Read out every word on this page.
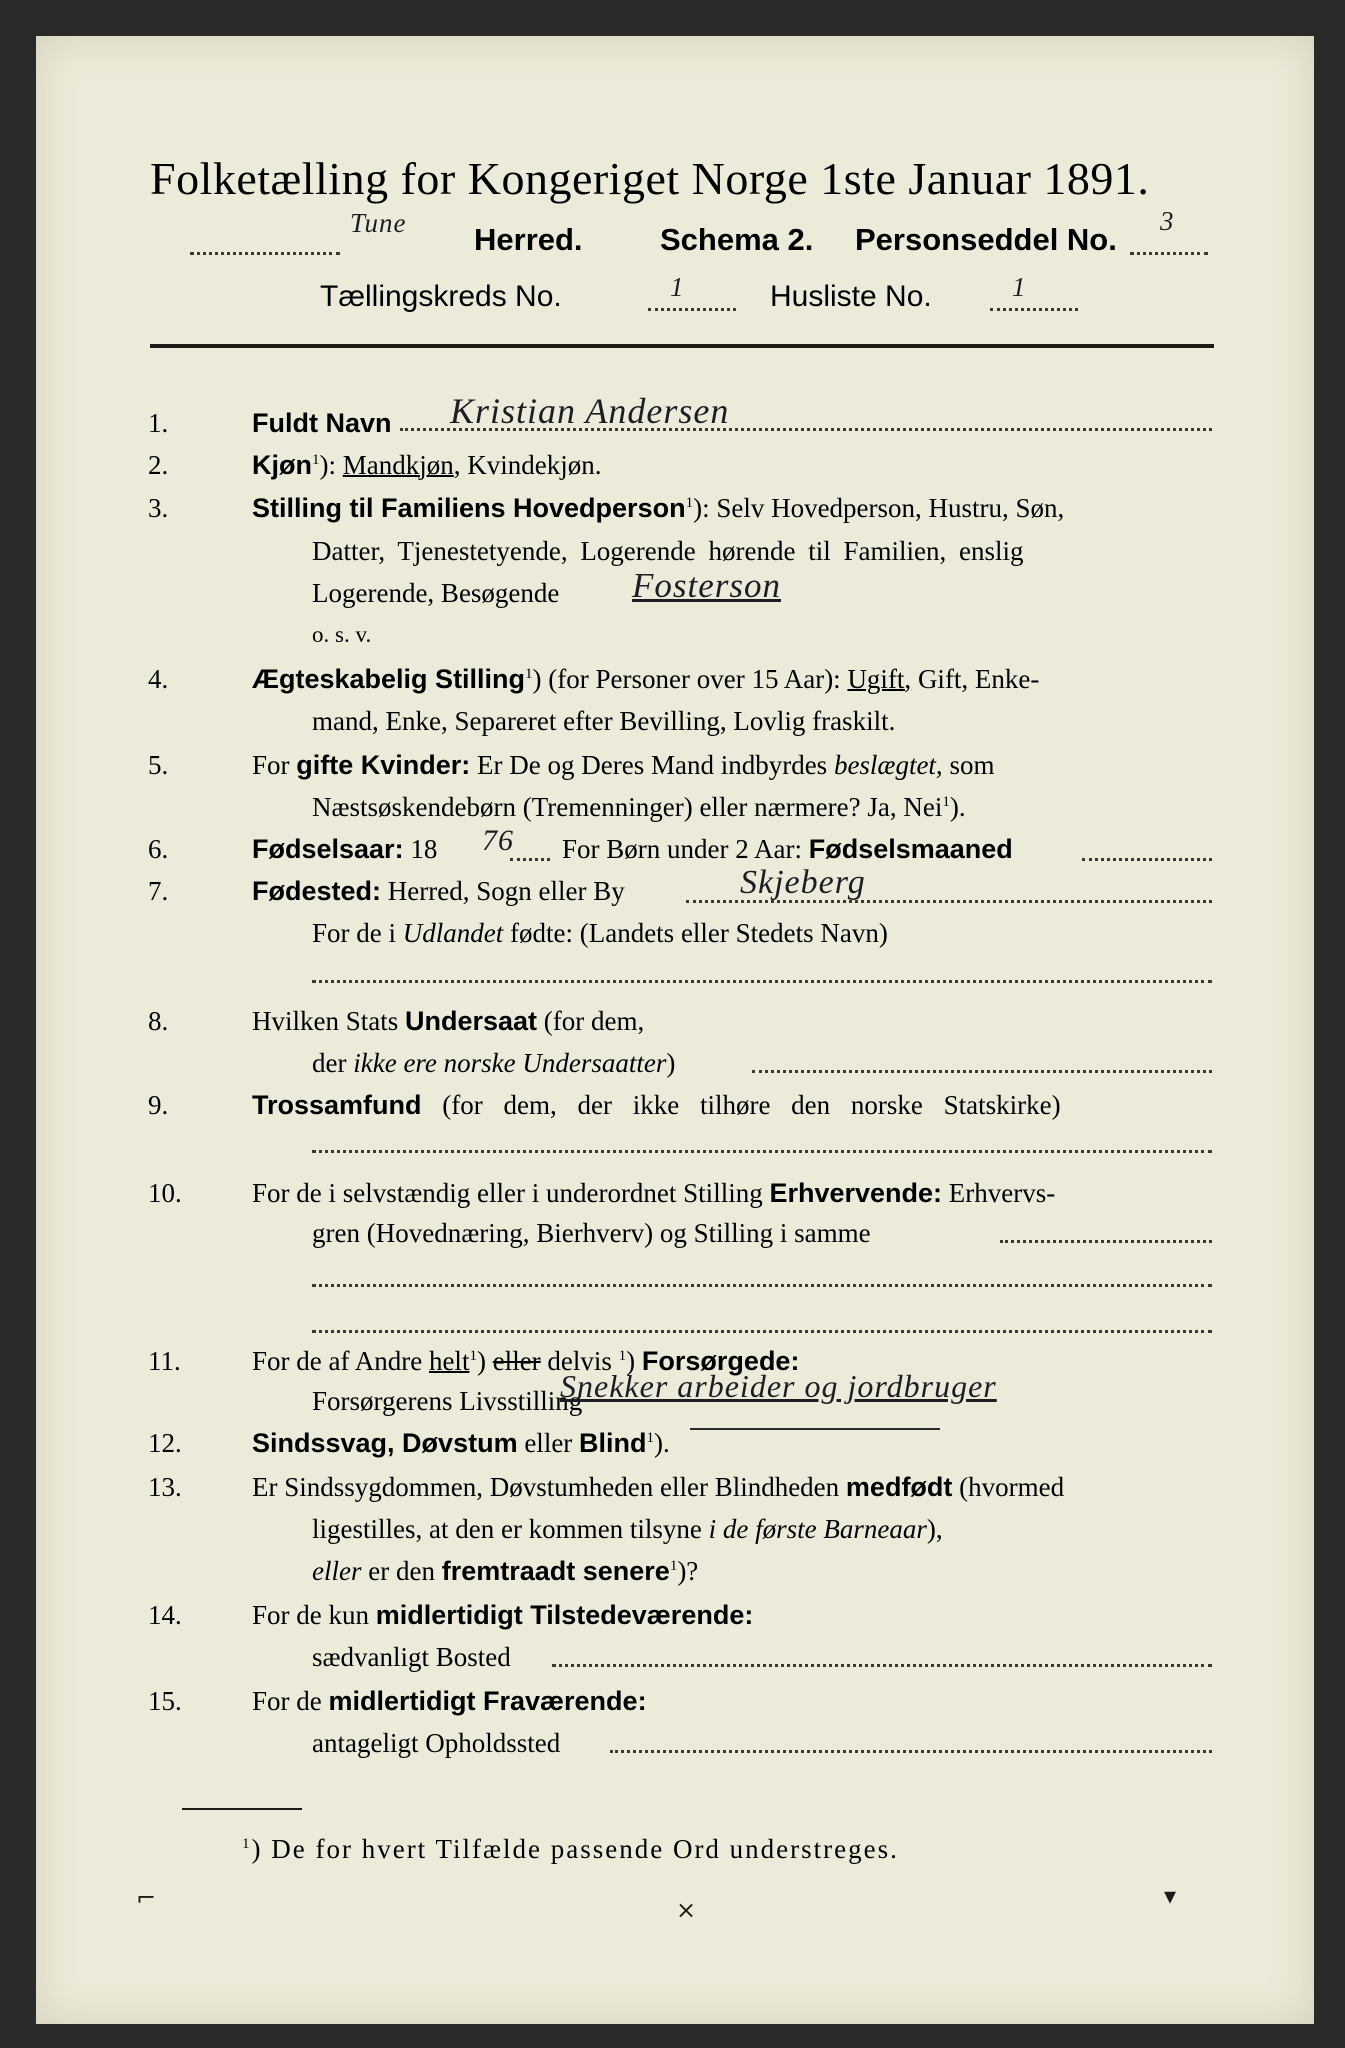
Folketælling for Kongeriget Norge 1ste Januar 1891.
Tune Herred. Schema 2. Personseddel No.
3
Tællingskreds No.	1	Husliste No.	1
1.	Fuldt Navn Kristian Andersen
2.	Kjøn$^1$): Mandkjøn, Kvindekjøn.
3.	Stilling til Familiens Hovedperson$^1$): Selv Hovedperson, Hustru, Søn,
Datter, Tjenestetyende, Logerende hørende til Familien, enslig
Logerende, Besøgende Fosterson
o. s. v.
4.	Ægteskabelig Stilling$^1$) (for Personer over 15 Aar): Ugift, Gift, Enke-
mand, Enke, Separeret efter Bevilling, Lovlig fraskilt.
5.	For gifte Kvinder: Er De og Deres Mand indbyrdes beslægtet, som
Næstsøskendebørn (Tremenninger) eller nærmere? Ja, Nei$^1$).
6.	Fødselsaar: 18 76 For Børn under 2 Aar: Fødselsmaaned
7.	Fødested: Herred, Sogn eller By	Skjeberg
For de i Udlandet fødte: (Landets eller Stedets Navn)
8.	Hvilken Stats Undersaat (for dem,
der ikke ere norske Undersaatter)
9.	Trossamfund (for dem, der ikke tilhøre den norske Statskirke)
10.	For de i selvstændig eller i underordnet Stilling Erhvervende: Erhvervs-
gren (Hovednæring, Bierhverv) og Stilling i samme
11.	For de af Andre helt$^1$) eller delvis $^1$) Forsørgede:
Forsørgerens Livsstilling
Snekker arbeider og jordbruger
12.	Sindssvag, Døvstum eller Blind$^1$).
13.	Er Sindssygdommen, Døvstumheden eller Blindheden medfødt (hvormed
ligestilles, at den er kommen tilsyne i de første Barneaar),
eller er den fremtraadt senere$^1$)?
14.	For de kun midlertidigt Tilstedeværende:
sædvanligt Bosted
15.	For de midlertidigt Fraværende:
antageligt Opholdssted
$^1$) De for hvert Tilfælde passende Ord understreges.
⌐	⨯	▾
